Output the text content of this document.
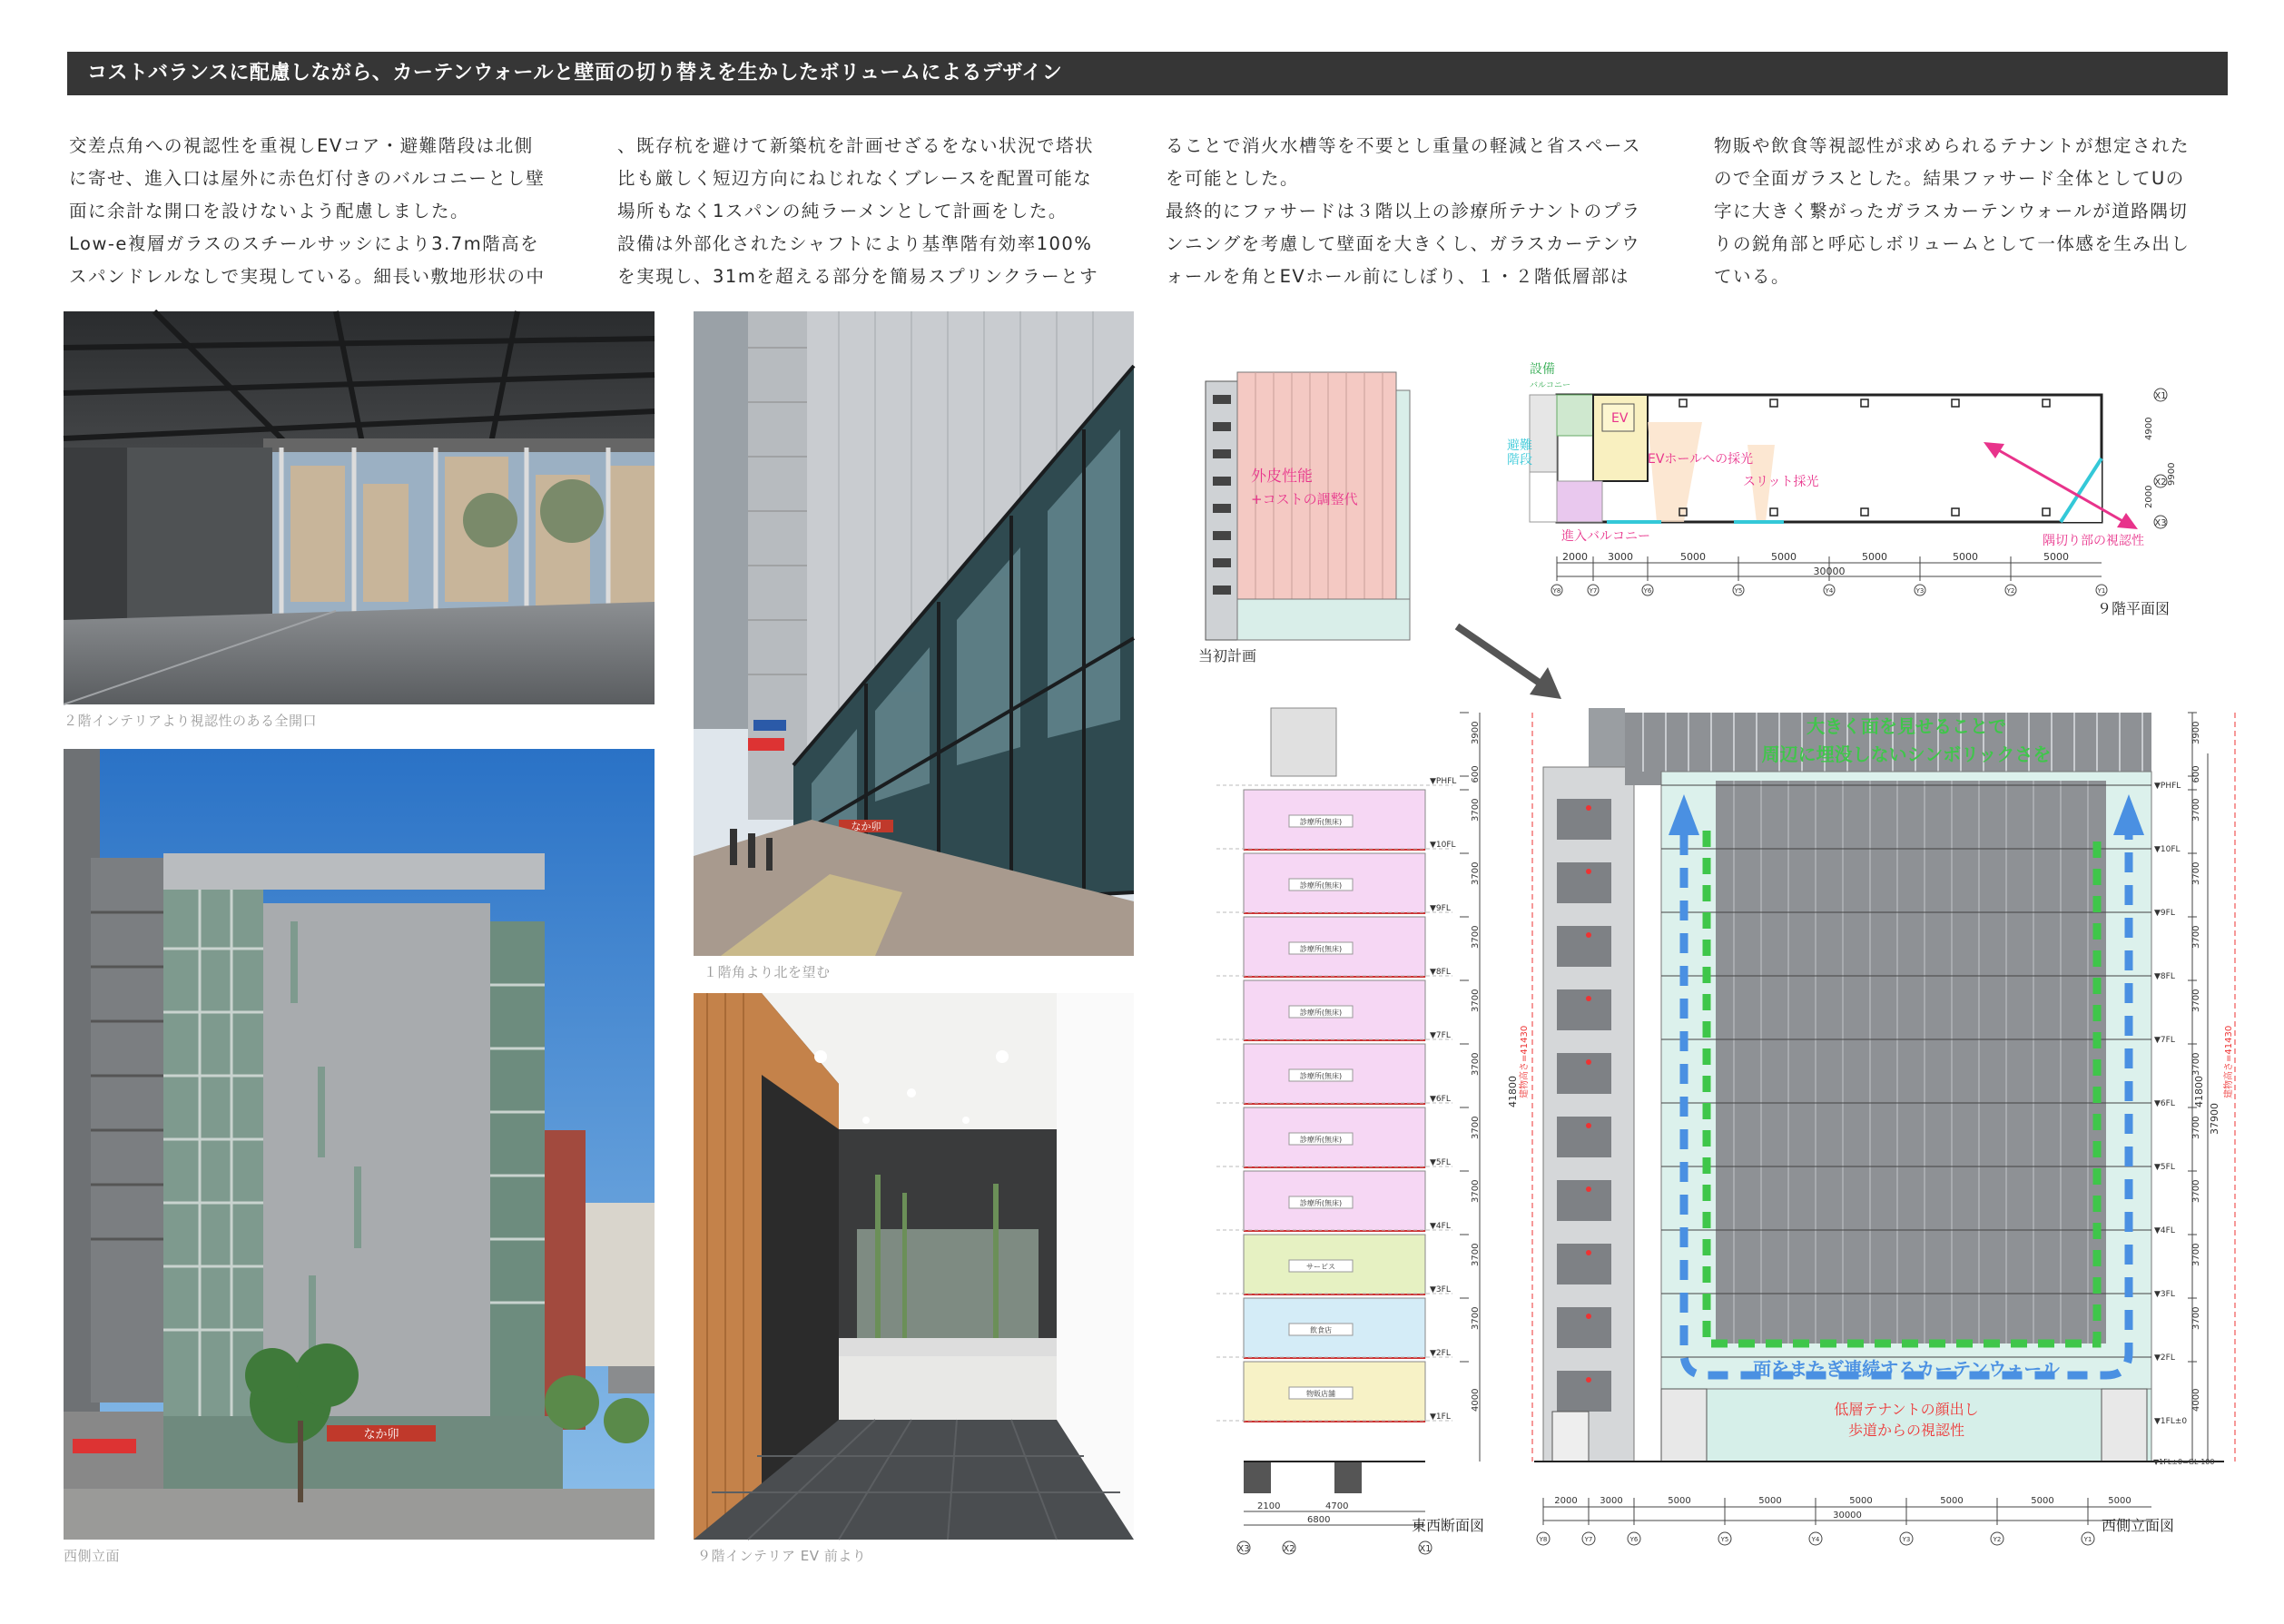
コストバランスに配慮しながら、カーテンウォールと壁面の切り替えを生かしたボリュームによるデザイン

交差点角への視認性を重視しEVコア・避難階段は北側

に寄せ、進入口は屋外に赤色灯付きのバルコニーとし壁

面に余計な開口を設けないよう配慮しました。

Low-e複層ガラスのスチールサッシにより3.7m階高を

スパンドレルなしで実現している。細長い敷地形状の中

、既存杭を避けて新築杭を計画せざるをない状況で塔状

比も厳しく短辺方向にねじれなくブレースを配置可能な

場所もなく1スパンの純ラーメンとして計画をした。

設備は外部化されたシャフトにより基準階有効率100%

を実現し、31mを超える部分を簡易スプリンクラーとす

ることで消火水槽等を不要とし重量の軽減と省スペース

を可能とした。

最終的にファサードは３階以上の診療所テナントのプラ

ンニングを考慮して壁面を大きくし、ガラスカーテンウ

ォールを角とEVホール前にしぼり、１・２階低層部は

物販や飲食等視認性が求められるテナントが想定された

ので全面ガラスとした。結果ファサード全体としてUの

字に大きく繋がったガラスカーテンウォールが道路隅切

りの鋭角部と呼応しボリュームとして一体感を生み出し

ている。

２階インテリアより視認性のある全開口
なか卯
西側立面
なか卯
１階角より北を望む
９階インテリア EV 前より
外皮性能
+コストの調整代
当初計画
設備
バルコニー
避難
階段
EV
EVホールへの採光
スリット採光
進入バルコニー	隅切り部の視認性
2000 3000	5000	5000	5000	5000	5000
30000
Y8	Y7	Y6	Y5	Y4	Y3	Y2	Y1
4900
9900
2000
X1
X2
X3
９階平面図
診療所(無床)
診療所(無床)
診療所(無床)
診療所(無床)
診療所(無床)
診療所(無床)
診療所(無床)
サービス
飲食店
物販店舗
▼PHFL
▼10FL
▼9FL
▼8FL
▼7FL
▼6FL
▼5FL
▼4FL
▼3FL
▼2FL
▼1FL
3900
600
3700
3700
3700
3700
3700
3700
3700
3700
3700
4000
41800 建物高さ=41430
2100	4700
6800
X3	X2	X1
東西断面図
大きく面を見せることで
周辺に埋没しないシンボリックさを
面をまたぎ連続するカーテンウォール
低層テナントの顔出し
歩道からの視認性
▼PHFL
▼10FL
▼9FL
▼8FL
▼7FL
▼6FL
▼5FL
▼4FL
▼3FL
▼2FL
▼1FL±0
3900
600
3700
3700
3700
3700
3700
3700
3700
3700
3700
4000
41800
37900
建物高さ=41430
▼1FL±0=GL-100
2000 3000	5000	5000	5000	5000	5000	5000
30000
Y8	Y7	Y6	Y5	Y4	Y3	Y2	Y1
西側立面図
